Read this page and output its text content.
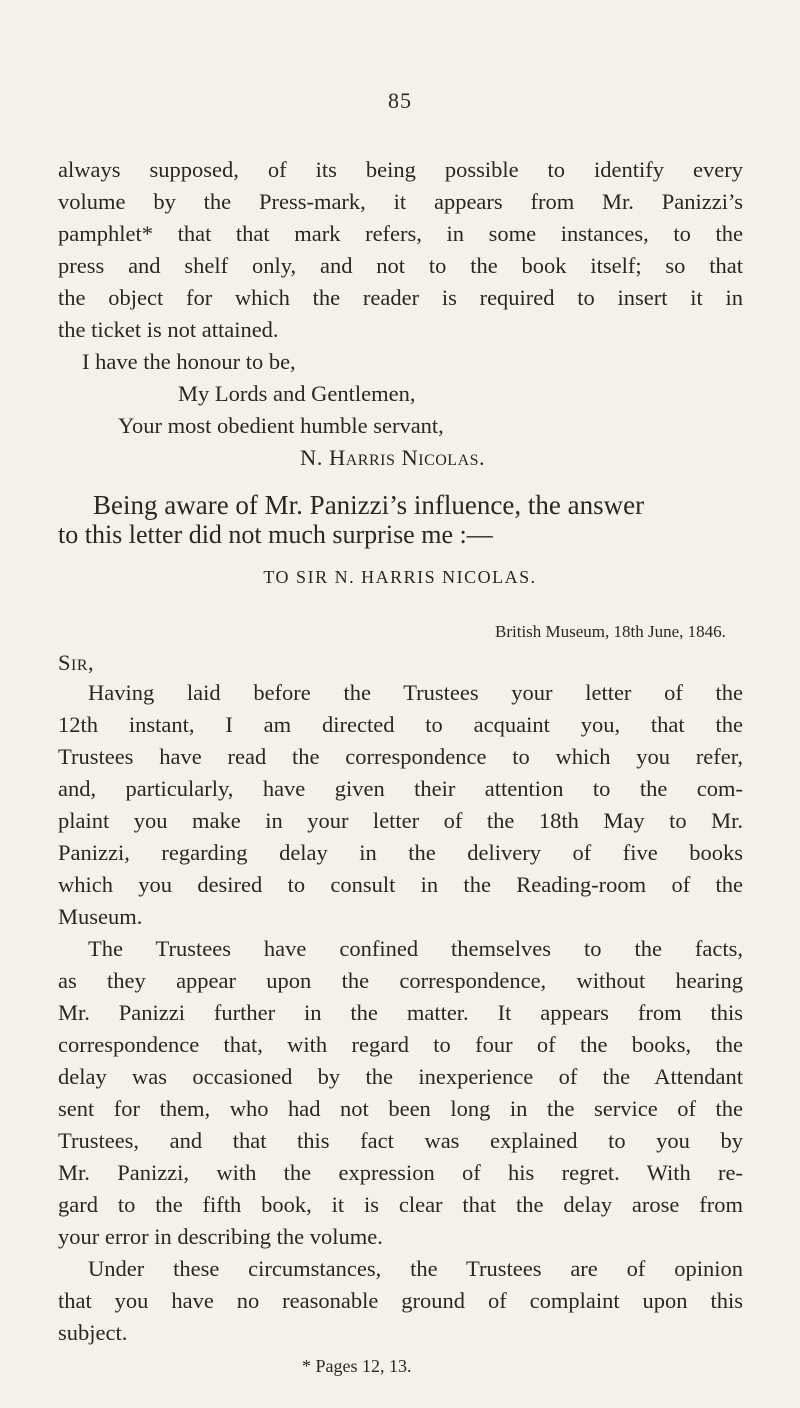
85
always supposed, of its being possible to identify every
volume by the Press-mark, it appears from Mr. Panizzi’s
pamphlet* that that mark refers, in some instances, to the
press and shelf only, and not to the book itself; so that
the object for which the reader is required to insert it in
the ticket is not attained.
I have the honour to be,
My Lords and Gentlemen,
Your most obedient humble servant,
N. Harris Nicolas.
Being aware of Mr. Panizzi’s influence, the answer
to this letter did not much surprise me :—
TO SIR N. HARRIS NICOLAS.
British Museum, 18th June, 1846.
Sir,
Having laid before the Trustees your letter of the
12th instant, I am directed to acquaint you, that the
Trustees have read the correspondence to which you refer,
and, particularly, have given their attention to the com-
plaint you make in your letter of the 18th May to Mr.
Panizzi, regarding delay in the delivery of five books
which you desired to consult in the Reading-room of the
Museum.
The Trustees have confined themselves to the facts,
as they appear upon the correspondence, without hearing
Mr. Panizzi further in the matter. It appears from this
correspondence that, with regard to four of the books, the
delay was occasioned by the inexperience of the Attendant
sent for them, who had not been long in the service of the
Trustees, and that this fact was explained to you by
Mr. Panizzi, with the expression of his regret. With re-
gard to the fifth book, it is clear that the delay arose from
your error in describing the volume.
Under these circumstances, the Trustees are of opinion
that you have no reasonable ground of complaint upon this
subject.
* Pages 12, 13.
